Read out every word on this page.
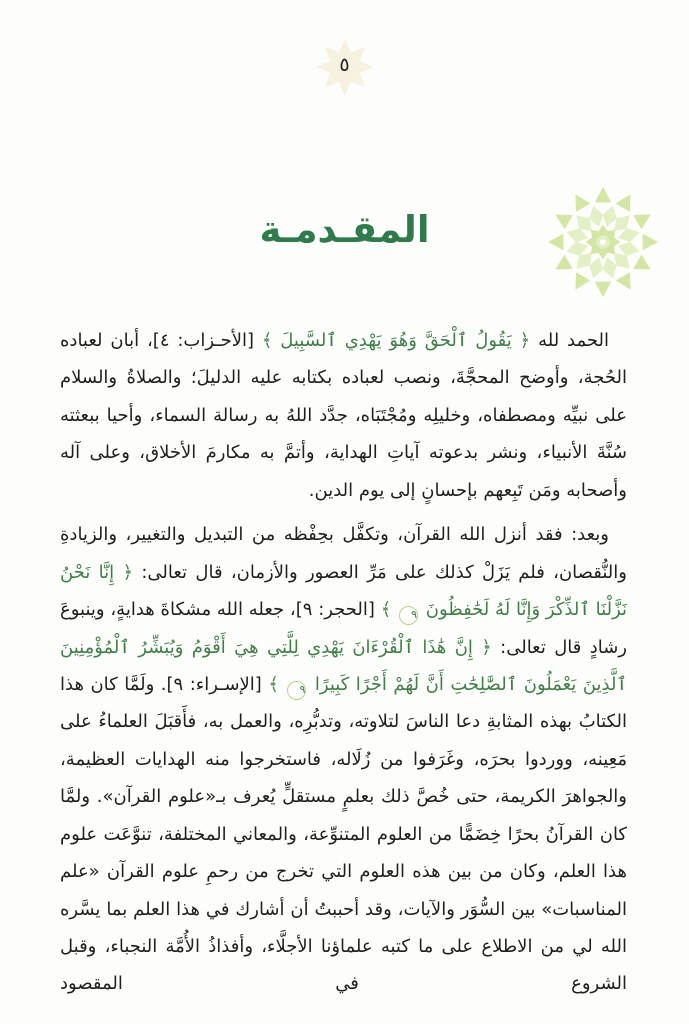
٥
المقـدمـة

الحمد لله ﴿ يَقُولُ ٱلْحَقَّ وَهُوَ يَهْدِي ٱلسَّبِيلَ ﴾ [الأحـزاب: ٤]، أبان لعباده الحُجة، وأوضح المحجَّةَ، ونصب لعباده بكتابه عليه الدليلَ؛ والصلاةُ والسلام على نبيِّه ومصطفاه، وخليلِه ومُجْتَبَاه، جدَّد اللهُ به رسالة السماء، وأحيا ببعثته سُنَّةَ الأنبياء، ونشر بدعوته آياتِ الهداية، وأتمَّ به مكارمَ الأخلاق، وعلى آله وأصحابه ومَن تَبِعهم بإحسانٍ إلى يوم الدين.

وبعد: فقد أنزل الله القرآن، وتكفَّل بحِفْظه من التبديل والتغيير، والزيادةِ والنُّقصان، فلم يَزَلْ كذلك على مَرِّ العصور والأزمان، قال تعالى: ﴿ إِنَّا نَحْنُ نَزَّلْنَا ٱلذِّكْرَ وَإِنَّا لَهُ لَحَٰفِظُونَ ٩ ﴾ [الحجر: ٩]، جعله الله مشكاةَ هدايةٍ، وينبوعَ رشادٍ قال تعالى: ﴿ إِنَّ هَٰذَا ٱلْقُرْءَانَ يَهْدِي لِلَّتِي هِيَ أَقْوَمُ وَيُبَشِّرُ ٱلْمُؤْمِنِينَ ٱلَّذِينَ يَعْمَلُونَ ٱلصَّٰلِحَٰتِ أَنَّ لَهُمْ أَجْرًا كَبِيرًا ٩ ﴾ [الإسـراء: ٩]. ولَمَّا كان هذا الكتابُ بهذه المثابةِ دعا الناسَ لتلاوته، وتدبُّرِه، والعمل به، فأَقبَلَ العلماءُ على مَعِينه، ووردوا بحرَه، وغَرَفوا من زُلَاله، فاستخرجوا منه الهدايات العظيمة، والجواهرَ الكريمة، حتى خُصَّ ذلك بعلمٍ مستقلٍّ يُعرف بـ«علوم القرآن». ولمَّا كان القرآنُ بحرًا خِضَمًّا من العلوم المتنوِّعة، والمعاني المختلفة، تنوَّعَت علوم هذا العلم، وكان من بين هذه العلوم التي تخرج من رحمِ علوم القرآن «علم المناسبات» بين السُّوَر والآيات، وقد أحببتُ أن أشارك في هذا العلم بما يسَّره الله لي من الاطلاع على ما كتبه علماؤنا الأجلَّاء، وأفذاذُ الأُمَّة النجباء، وقبل الشروع في المقصود
